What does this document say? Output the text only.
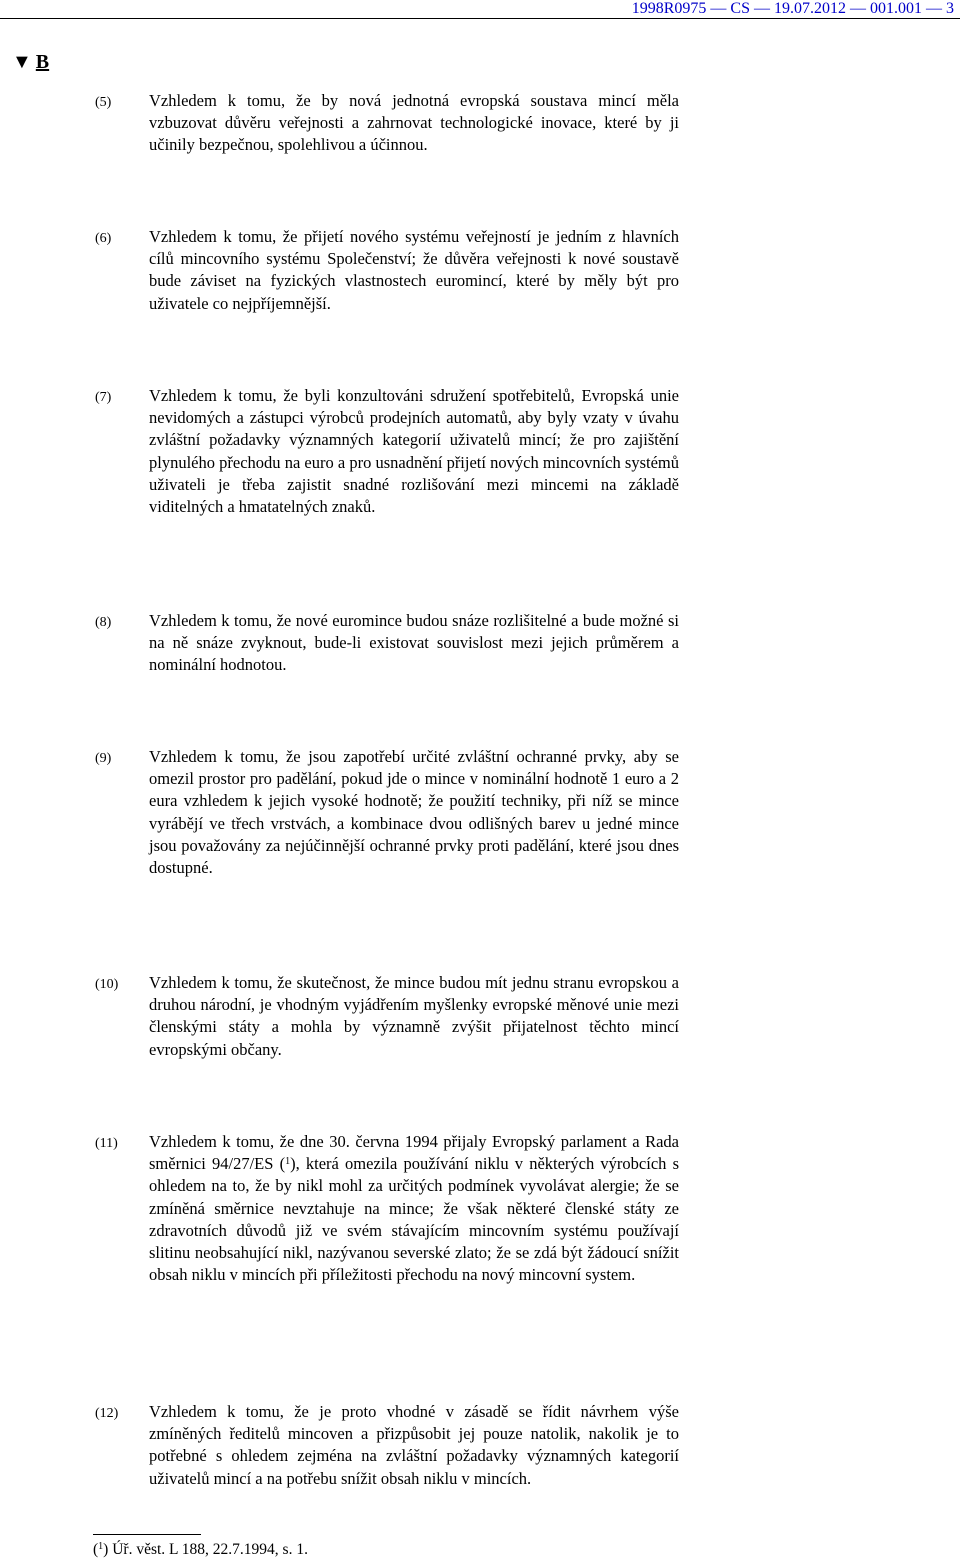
1998R0975 — CS — 19.07.2012 — 001.001 — 3
▼ B
(5) Vzhledem k tomu, že by nová jednotná evropská soustava mincí měla vzbuzovat důvěru veřejnosti a zahrnovat technologické inovace, které by ji učinily bezpečnou, spolehlivou a účinnou.

(6) Vzhledem k tomu, že přijetí nového systému veřejností je jedním z hlavních cílů mincovního systému Společenství; že důvěra veřejnosti k nové soustavě bude záviset na fyzických vlastnostech euromincí, které by měly být pro uživatele co nejpříjemnější.

(7) Vzhledem k tomu, že byli konzultováni sdružení spotřebitelů, Evropská unie nevidomých a zástupci výrobců prodejních automatů, aby byly vzaty v úvahu zvláštní požadavky významných kategorií uživatelů mincí; že pro zajištění plynulého přechodu na euro a pro usnadnění přijetí nových mincovních systémů uživateli je třeba zajistit snadné rozlišování mezi mincemi na základě viditelných a hmatatelných znaků.

(8) Vzhledem k tomu, že nové euromince budou snáze rozlišitelné a bude možné si na ně snáze zvyknout, bude-li existovat souvislost mezi jejich průměrem a nominální hodnotou.

(9) Vzhledem k tomu, že jsou zapotřebí určité zvláštní ochranné prvky, aby se omezil prostor pro padělání, pokud jde o mince v nominální hodnotě 1 euro a 2 eura vzhledem k jejich vysoké hodnotě; že použití techniky, při níž se mince vyrábějí ve třech vrstvách, a kombinace dvou odlišných barev u jedné mince jsou považovány za nejúčinnější ochranné prvky proti padělání, které jsou dnes dostupné.

(10) Vzhledem k tomu, že skutečnost, že mince budou mít jednu stranu evropskou a druhou národní, je vhodným vyjádřením myšlenky evropské měnové unie mezi členskými státy a mohla by významně zvýšit přijatelnost těchto mincí evropskými občany.

(11) Vzhledem k tomu, že dne 30. června 1994 přijaly Evropský parlament a Rada směrnici 94/27/ES ($^1$), která omezila používání niklu v některých výrobcích s ohledem na to, že by nikl mohl za určitých podmínek vyvolávat alergie; že se zmíněná směrnice nevztahuje na mince; že však některé členské státy ze zdravotních důvodů již ve svém stávajícím mincovním systému používají slitinu neobsahující nikl, nazývanou severské zlato; že se zdá být žádoucí snížit obsah niklu v mincích při příležitosti přechodu na nový mincovní system.

(12) Vzhledem k tomu, že je proto vhodné v zásadě se řídit návrhem výše zmíněných ředitelů mincoven a přizpůsobit jej pouze natolik, nakolik je to potřebné s ohledem zejména na zvláštní požadavky významných kategorií uživatelů mincí a na potřebu snížit obsah niklu v mincích.

($^1$) Úř. věst. L 188, 22.7.1994, s. 1.
